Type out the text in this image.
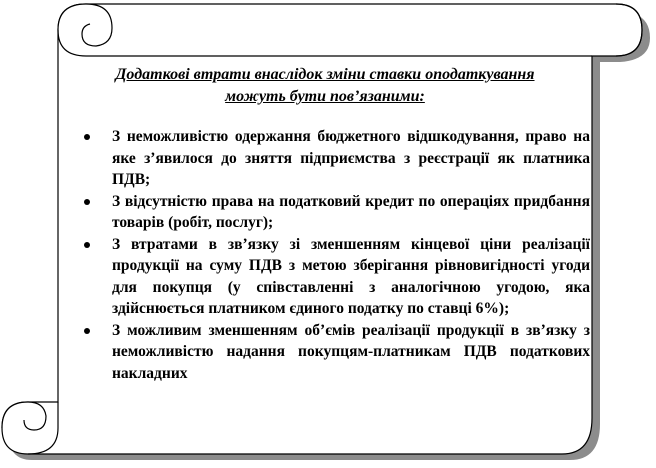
Додаткові втрати внаслідок зміни ставки оподаткування
можуть бути пов’язаними:
З неможливістю одержання бюджетного відшкодування, право на яке з’явилося до зняття підприємства з реєстрації як платника ПДВ;
З відсутністю права на податковий кредит по операціях придбання товарів (робіт, послуг);
З втратами в зв’язку зі зменшенням кінцевої ціни реалізації продукції на суму ПДВ з метою зберігання рівновигідності угоди для покупця (у співставленні з аналогічною угодою, яка здійснюється платником єдиного податку по ставці 6%);
З можливим зменшенням об’ємів реалізації продукції в зв’язку з неможливістю надання покупцям-платникам ПДВ податкових накладних
